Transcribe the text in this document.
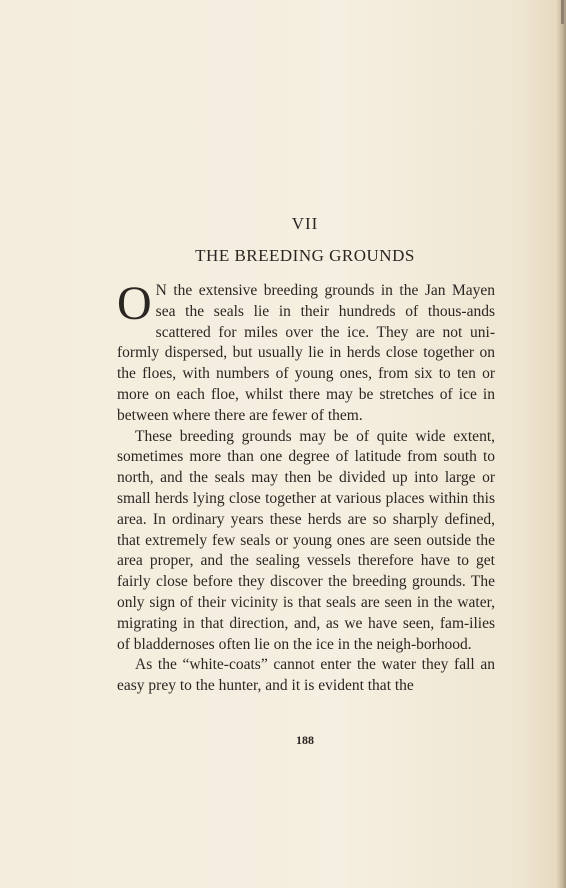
VII
THE BREEDING GROUNDS

O N the extensive breeding grounds in the Jan Mayen sea the seals lie in their hundreds of thous-ands scattered for miles over the ice. They are not uni-formly dispersed, but usually lie in herds close together on the floes, with numbers of young ones, from six to ten or more on each floe, whilst there may be stretches of ice in between where there are fewer of them.

These breeding grounds may be of quite wide extent, sometimes more than one degree of latitude from south to north, and the seals may then be divided up into large or small herds lying close together at various places within this area. In ordinary years these herds are so sharply defined, that extremely few seals or young ones are seen outside the area proper, and the sealing vessels therefore have to get fairly close before they discover the breeding grounds. The only sign of their vicinity is that seals are seen in the water, migrating in that direction, and, as we have seen, fam-ilies of bladdernoses often lie on the ice in the neigh-borhood.

As the “white-coats” cannot enter the water they fall an easy prey to the hunter, and it is evident that the

188
